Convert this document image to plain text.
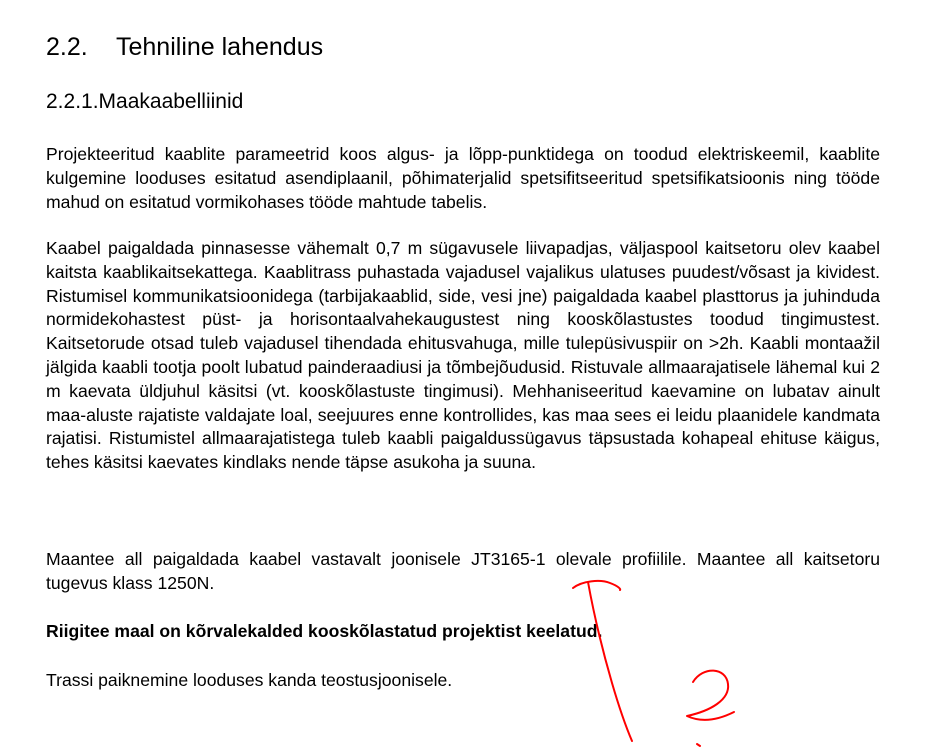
2.2. Tehniline lahendus
2.2.1.Maakaabelliinid

Projekteeritud kaablite parameetrid koos algus- ja lõpp-punktidega on toodud elektriskeemil, kaablite kulgemine looduses esitatud asendiplaanil, põhimaterjalid spetsifitseeritud spetsifikatsioonis ning tööde mahud on esitatud vormikohases tööde mahtude tabelis.

Kaabel paigaldada pinnasesse vähemalt 0,7 m sügavusele liivapadjas, väljaspool kaitsetoru olev kaabel kaitsta kaablikaitsekattega. Kaablitrass puhastada vajadusel vajalikus ulatuses puudest/võsast ja kividest. Ristumisel kommunikatsioonidega (tarbijakaablid, side, vesi jne) paigaldada kaabel plasttorus ja juhinduda normidekohastest püst- ja horisontaalvahekaugustest ning kooskõlastustes toodud tingimustest. Kaitsetorude otsad tuleb vajadusel tihendada ehitusvahuga, mille tulepüsivuspiir on >2h. Kaabli montaažil jälgida kaabli tootja poolt lubatud painderaadiusi ja tõmbejõudusid. Ristuvale allmaarajatisele lähemal kui 2 m kaevata üldjuhul käsitsi (vt. kooskõlastuste tingimusi). Mehhaniseeritud kaevamine on lubatav ainult maa-aluste rajatiste valdajate loal, seejuures enne kontrollides, kas maa sees ei leidu plaanidele kandmata rajatisi. Ristumistel allmaarajatistega tuleb kaabli paigaldussügavus täpsustada kohapeal ehituse käigus, tehes käsitsi kaevates kindlaks nende täpse asukoha ja suuna.

Maantee all paigaldada kaabel vastavalt joonisele JT3165-1 olevale profiilile. Maantee all kaitsetoru tugevus klass 1250N.

Riigitee maal on kõrvalekalded kooskõlastatud projektist keelatud.

Trassi paiknemine looduses kanda teostusjoonisele.
